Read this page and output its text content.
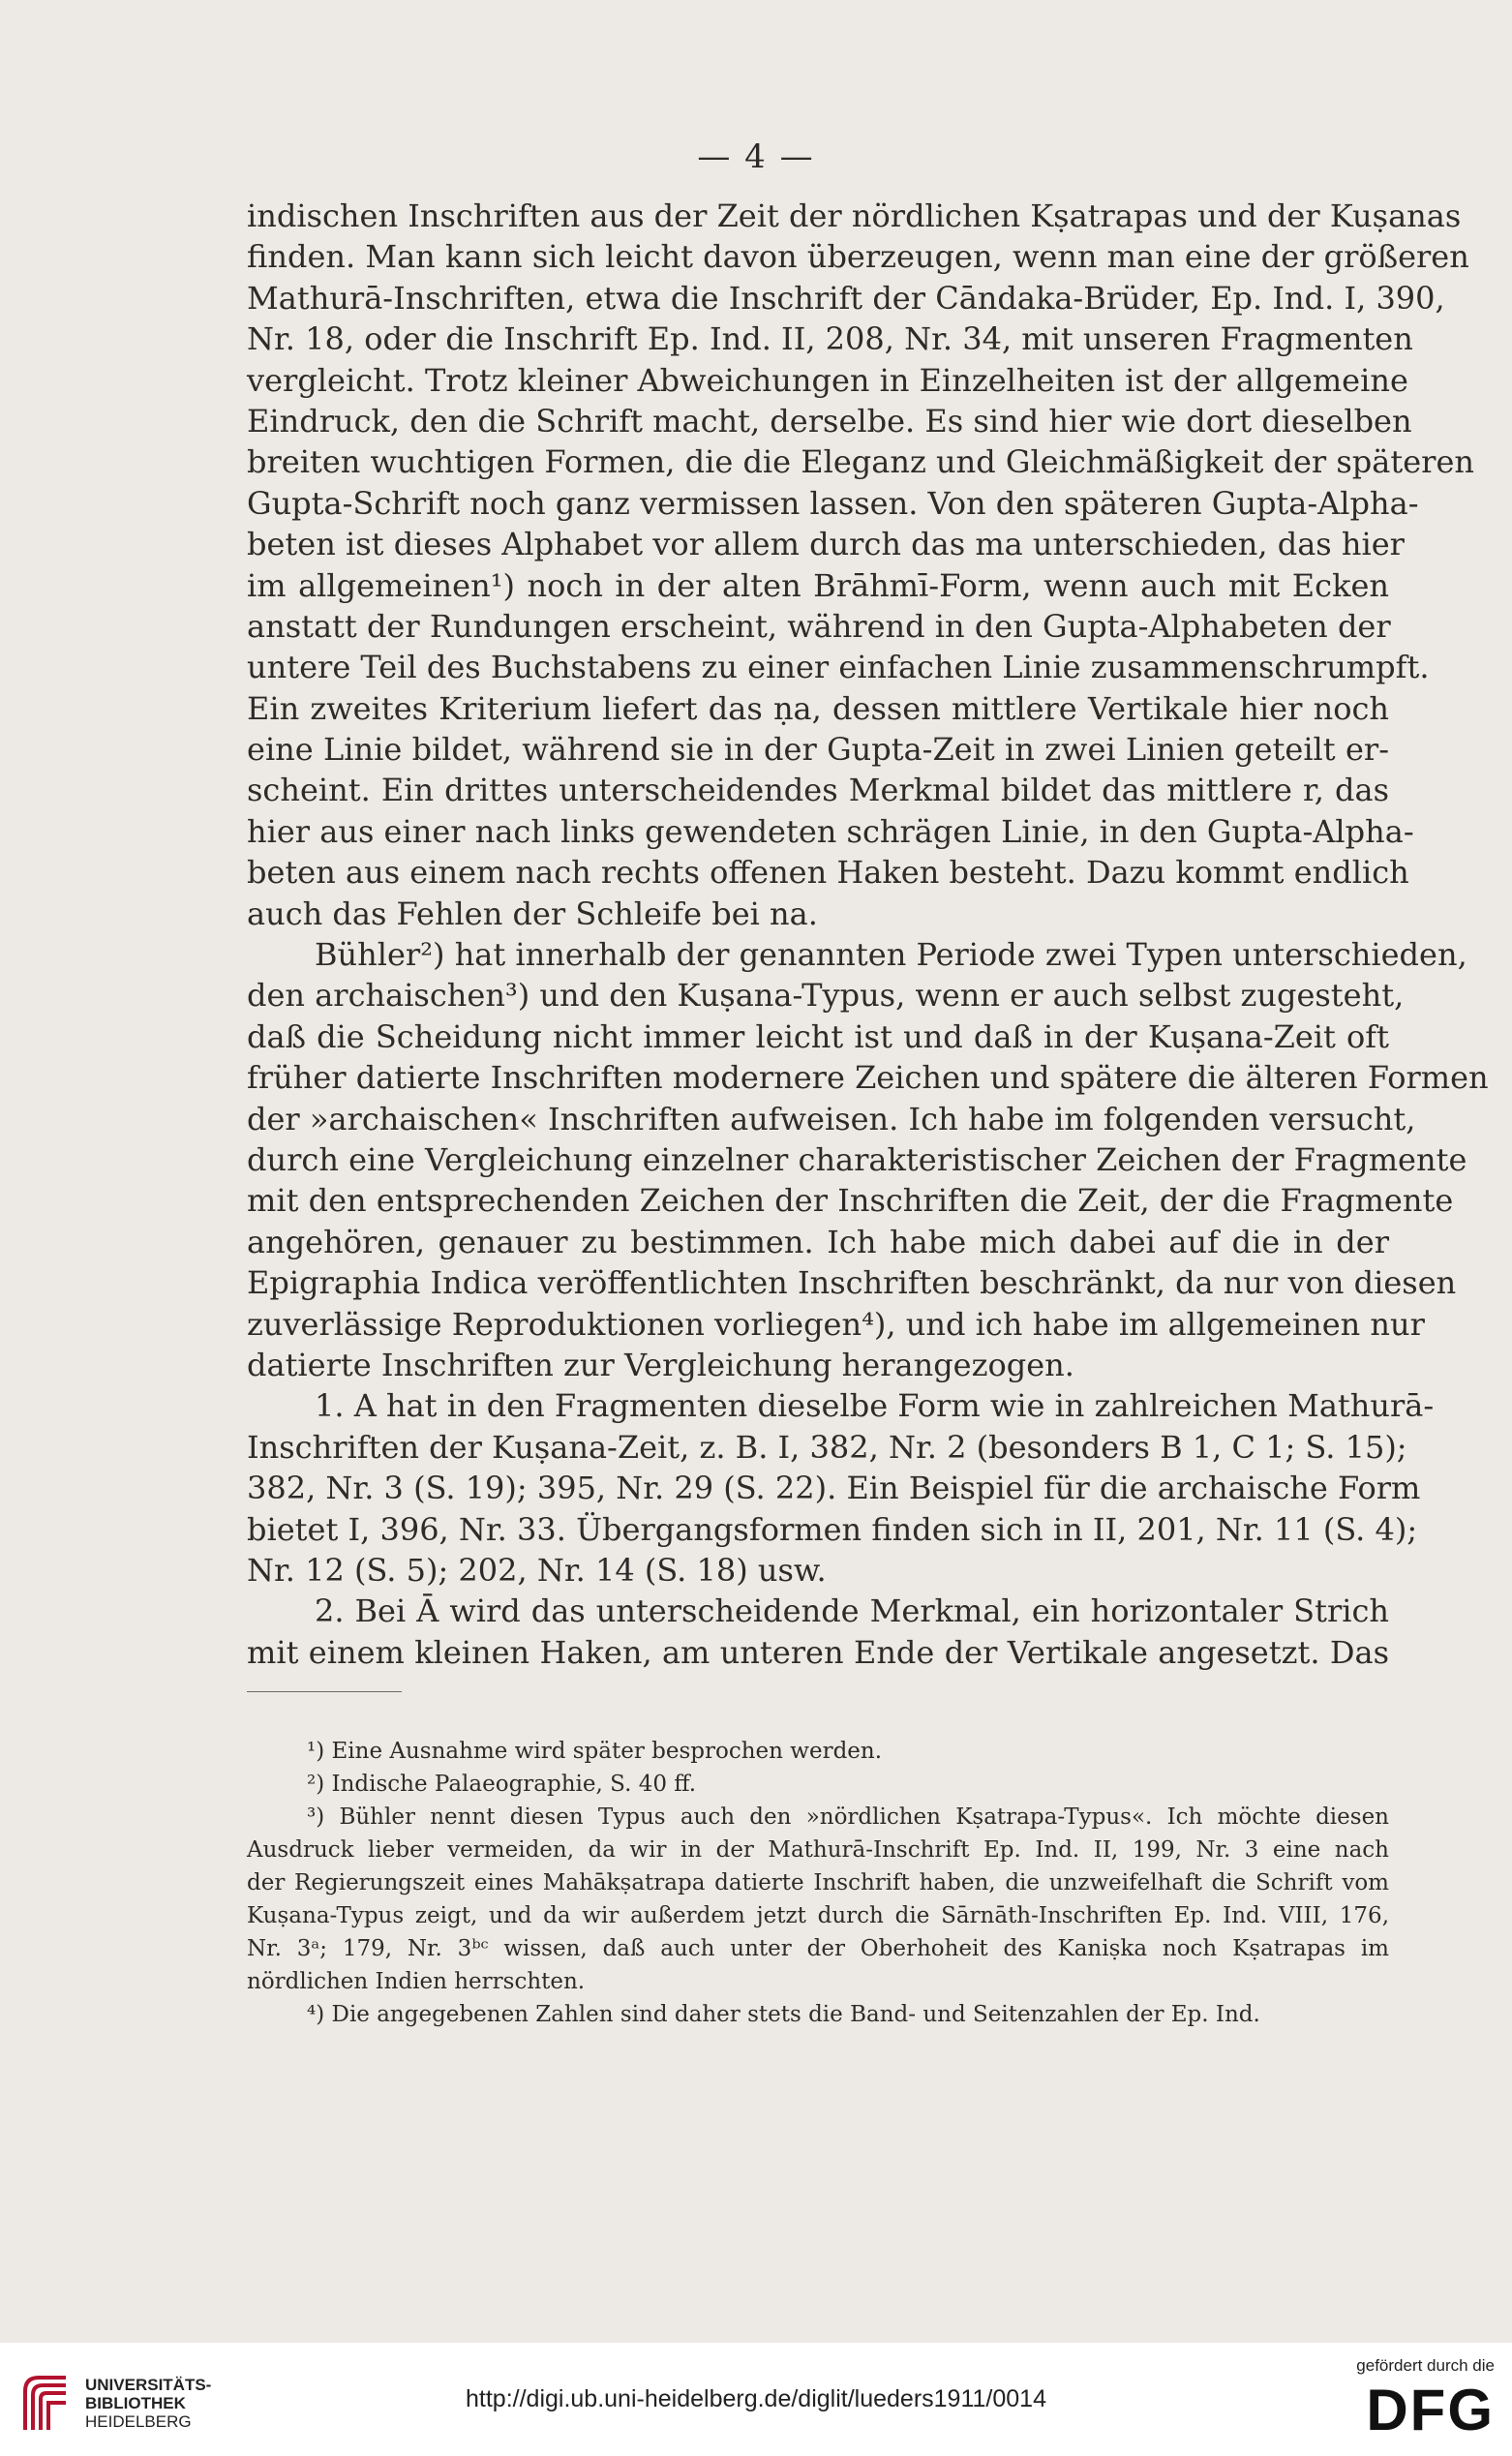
— 4 —
indischen Inschriften aus der Zeit der nördlichen Kṣatrapas und der Kuṣanas
finden. Man kann sich leicht davon überzeugen, wenn man eine der größeren
Mathurā-Inschriften, etwa die Inschrift der Cāndaka-Brüder, Ep. Ind. I, 390,
Nr. 18, oder die Inschrift Ep. Ind. II, 208, Nr. 34, mit unseren Fragmenten
vergleicht. Trotz kleiner Abweichungen in Einzelheiten ist der allgemeine
Eindruck, den die Schrift macht, derselbe. Es sind hier wie dort dieselben
breiten wuchtigen Formen, die die Eleganz und Gleichmäßigkeit der späteren
Gupta-Schrift noch ganz vermissen lassen. Von den späteren Gupta-Alpha-
beten ist dieses Alphabet vor allem durch das ma unterschieden, das hier
im allgemeinen¹) noch in der alten Brāhmī-Form, wenn auch mit Ecken
anstatt der Rundungen erscheint, während in den Gupta-Alphabeten der
untere Teil des Buchstabens zu einer einfachen Linie zusammenschrumpft.
Ein zweites Kriterium liefert das ṇa, dessen mittlere Vertikale hier noch
eine Linie bildet, während sie in der Gupta-Zeit in zwei Linien geteilt er-
scheint. Ein drittes unterscheidendes Merkmal bildet das mittlere r, das
hier aus einer nach links gewendeten schrägen Linie, in den Gupta-Alpha-
beten aus einem nach rechts offenen Haken besteht. Dazu kommt endlich
auch das Fehlen der Schleife bei na.
Bühler²) hat innerhalb der genannten Periode zwei Typen unterschieden,
den archaischen³) und den Kuṣana-Typus, wenn er auch selbst zugesteht,
daß die Scheidung nicht immer leicht ist und daß in der Kuṣana-Zeit oft
früher datierte Inschriften modernere Zeichen und spätere die älteren Formen
der »archaischen« Inschriften aufweisen. Ich habe im folgenden versucht,
durch eine Vergleichung einzelner charakteristischer Zeichen der Fragmente
mit den entsprechenden Zeichen der Inschriften die Zeit, der die Fragmente
angehören, genauer zu bestimmen. Ich habe mich dabei auf die in der
Epigraphia Indica veröffentlichten Inschriften beschränkt, da nur von diesen
zuverlässige Reproduktionen vorliegen⁴), und ich habe im allgemeinen nur
datierte Inschriften zur Vergleichung herangezogen.
1. A hat in den Fragmenten dieselbe Form wie in zahlreichen Mathurā-
Inschriften der Kuṣana-Zeit, z. B. I, 382, Nr. 2 (besonders B 1, C 1; S. 15);
382, Nr. 3 (S. 19); 395, Nr. 29 (S. 22). Ein Beispiel für die archaische Form
bietet I, 396, Nr. 33. Übergangsformen finden sich in II, 201, Nr. 11 (S. 4);
Nr. 12 (S. 5); 202, Nr. 14 (S. 18) usw.
2. Bei Ā wird das unterscheidende Merkmal, ein horizontaler Strich
mit einem kleinen Haken, am unteren Ende der Vertikale angesetzt. Das
¹) Eine Ausnahme wird später besprochen werden.
²) Indische Palaeographie, S. 40 ff.
³) Bühler nennt diesen Typus auch den »nördlichen Kṣatrapa-Typus«. Ich möchte diesen
Ausdruck lieber vermeiden, da wir in der Mathurā-Inschrift Ep. Ind. II, 199, Nr. 3 eine nach
der Regierungszeit eines Mahākṣatrapa datierte Inschrift haben, die unzweifelhaft die Schrift vom
Kuṣana-Typus zeigt, und da wir außerdem jetzt durch die Sārnāth-Inschriften Ep. Ind. VIII, 176,
Nr. 3ᵃ; 179, Nr. 3ᵇᶜ wissen, daß auch unter der Oberhoheit des Kaniṣka noch Kṣatrapas im
nördlichen Indien herrschten.
⁴) Die angegebenen Zahlen sind daher stets die Band- und Seitenzahlen der Ep. Ind.
UNIVERSITÄTS-
BIBLIOTHEK
HEIDELBERG
http://digi.ub.uni-heidelberg.de/diglit/lueders1911/0014
gefördert durch die
DFG
